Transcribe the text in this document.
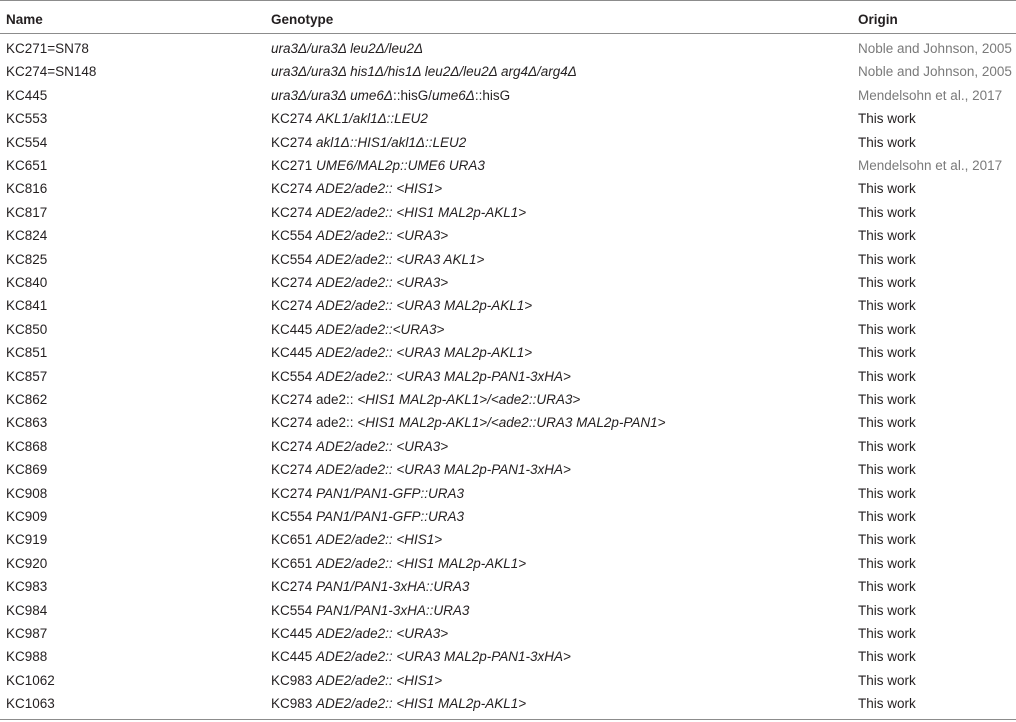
Name	Genotype	Origin
KC271=SN78	ura3Δ/ura3Δ leu2Δ/leu2Δ	Noble and Johnson, 2005
KC274=SN148	ura3Δ/ura3Δ his1Δ/his1Δ leu2Δ/leu2Δ arg4Δ/arg4Δ	Noble and Johnson, 2005
KC445	ura3Δ/ura3Δ ume6Δ::hisG/ume6Δ::hisG	Mendelsohn et al., 2017
KC553	KC274 AKL1/akl1Δ::LEU2	This work
KC554	KC274 akl1Δ::HIS1/akl1Δ::LEU2	This work
KC651	KC271 UME6/MAL2p::UME6 URA3	Mendelsohn et al., 2017
KC816	KC274 ADE2/ade2:: <HIS1>	This work
KC817	KC274 ADE2/ade2:: <HIS1 MAL2p-AKL1>	This work
KC824	KC554 ADE2/ade2:: <URA3>	This work
KC825	KC554 ADE2/ade2:: <URA3 AKL1>	This work
KC840	KC274 ADE2/ade2:: <URA3>	This work
KC841	KC274 ADE2/ade2:: <URA3 MAL2p-AKL1>	This work
KC850	KC445 ADE2/ade2::<URA3>	This work
KC851	KC445 ADE2/ade2:: <URA3 MAL2p-AKL1>	This work
KC857	KC554 ADE2/ade2:: <URA3 MAL2p-PAN1-3xHA>	This work
KC862	KC274 ade2:: <HIS1 MAL2p-AKL1>/<ade2::URA3>	This work
KC863	KC274 ade2:: <HIS1 MAL2p-AKL1>/<ade2::URA3 MAL2p-PAN1>	This work
KC868	KC274 ADE2/ade2:: <URA3>	This work
KC869	KC274 ADE2/ade2:: <URA3 MAL2p-PAN1-3xHA>	This work
KC908	KC274 PAN1/PAN1-GFP::URA3	This work
KC909	KC554 PAN1/PAN1-GFP::URA3	This work
KC919	KC651 ADE2/ade2:: <HIS1>	This work
KC920	KC651 ADE2/ade2:: <HIS1 MAL2p-AKL1>	This work
KC983	KC274 PAN1/PAN1-3xHA::URA3	This work
KC984	KC554 PAN1/PAN1-3xHA::URA3	This work
KC987	KC445 ADE2/ade2:: <URA3>	This work
KC988	KC445 ADE2/ade2:: <URA3 MAL2p-PAN1-3xHA>	This work
KC1062	KC983 ADE2/ade2:: <HIS1>	This work
KC1063	KC983 ADE2/ade2:: <HIS1 MAL2p-AKL1>	This work
